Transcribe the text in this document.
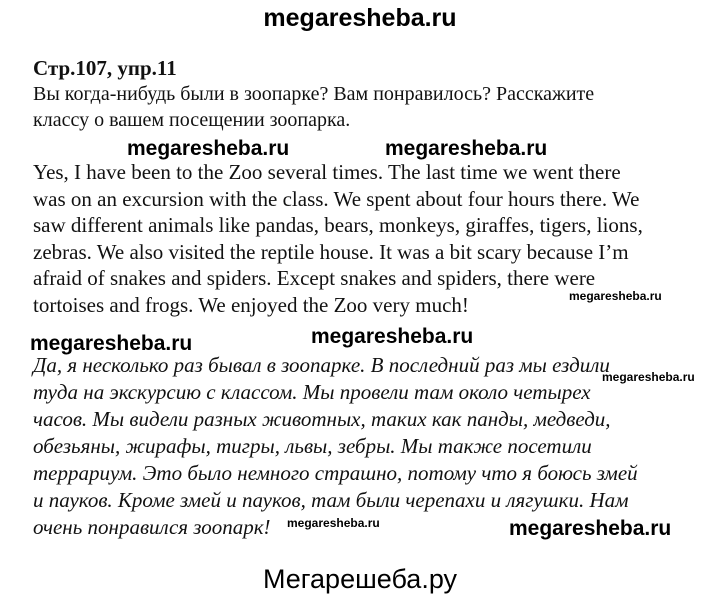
megaresheba.ru
Стр.107, упр.11

Вы когда-нибудь были в зоопарке? Вам понравилось? Расскажите
классу о вашем посещении зоопарка.

megaresheba.ru	megaresheba.ru

Yes, I have been to the Zoo several times. The last time we went there
was on an excursion with the class. We spent about four hours there. We
saw different animals like pandas, bears, monkeys, giraffes, tigers, lions,
zebras. We also visited the reptile house. It was a bit scary because I’m
afraid of snakes and spiders. Except snakes and spiders, there were
tortoises and frogs. We enjoyed the Zoo very much!	megaresheba.ru
megaresheba.ru	megaresheba.ru

Да, я несколько раз бывал в зоопарке. В последний раз мы ездили
туда на экскурсию с классом. Мы провели там около четырех
часов. Мы видели разных животных, таких как панды, медведи,
обезьяны, жирафы, тигры, львы, зебры. Мы также посетили
террариум. Это было немного страшно, потому что я боюсь змей
и пауков. Кроме змей и пауков, там были черепахи и лягушки. Нам
очень понравился зоопарк!

megaresheba.ru
megaresheba.ru	megaresheba.ru
Мегарешеба.ру
